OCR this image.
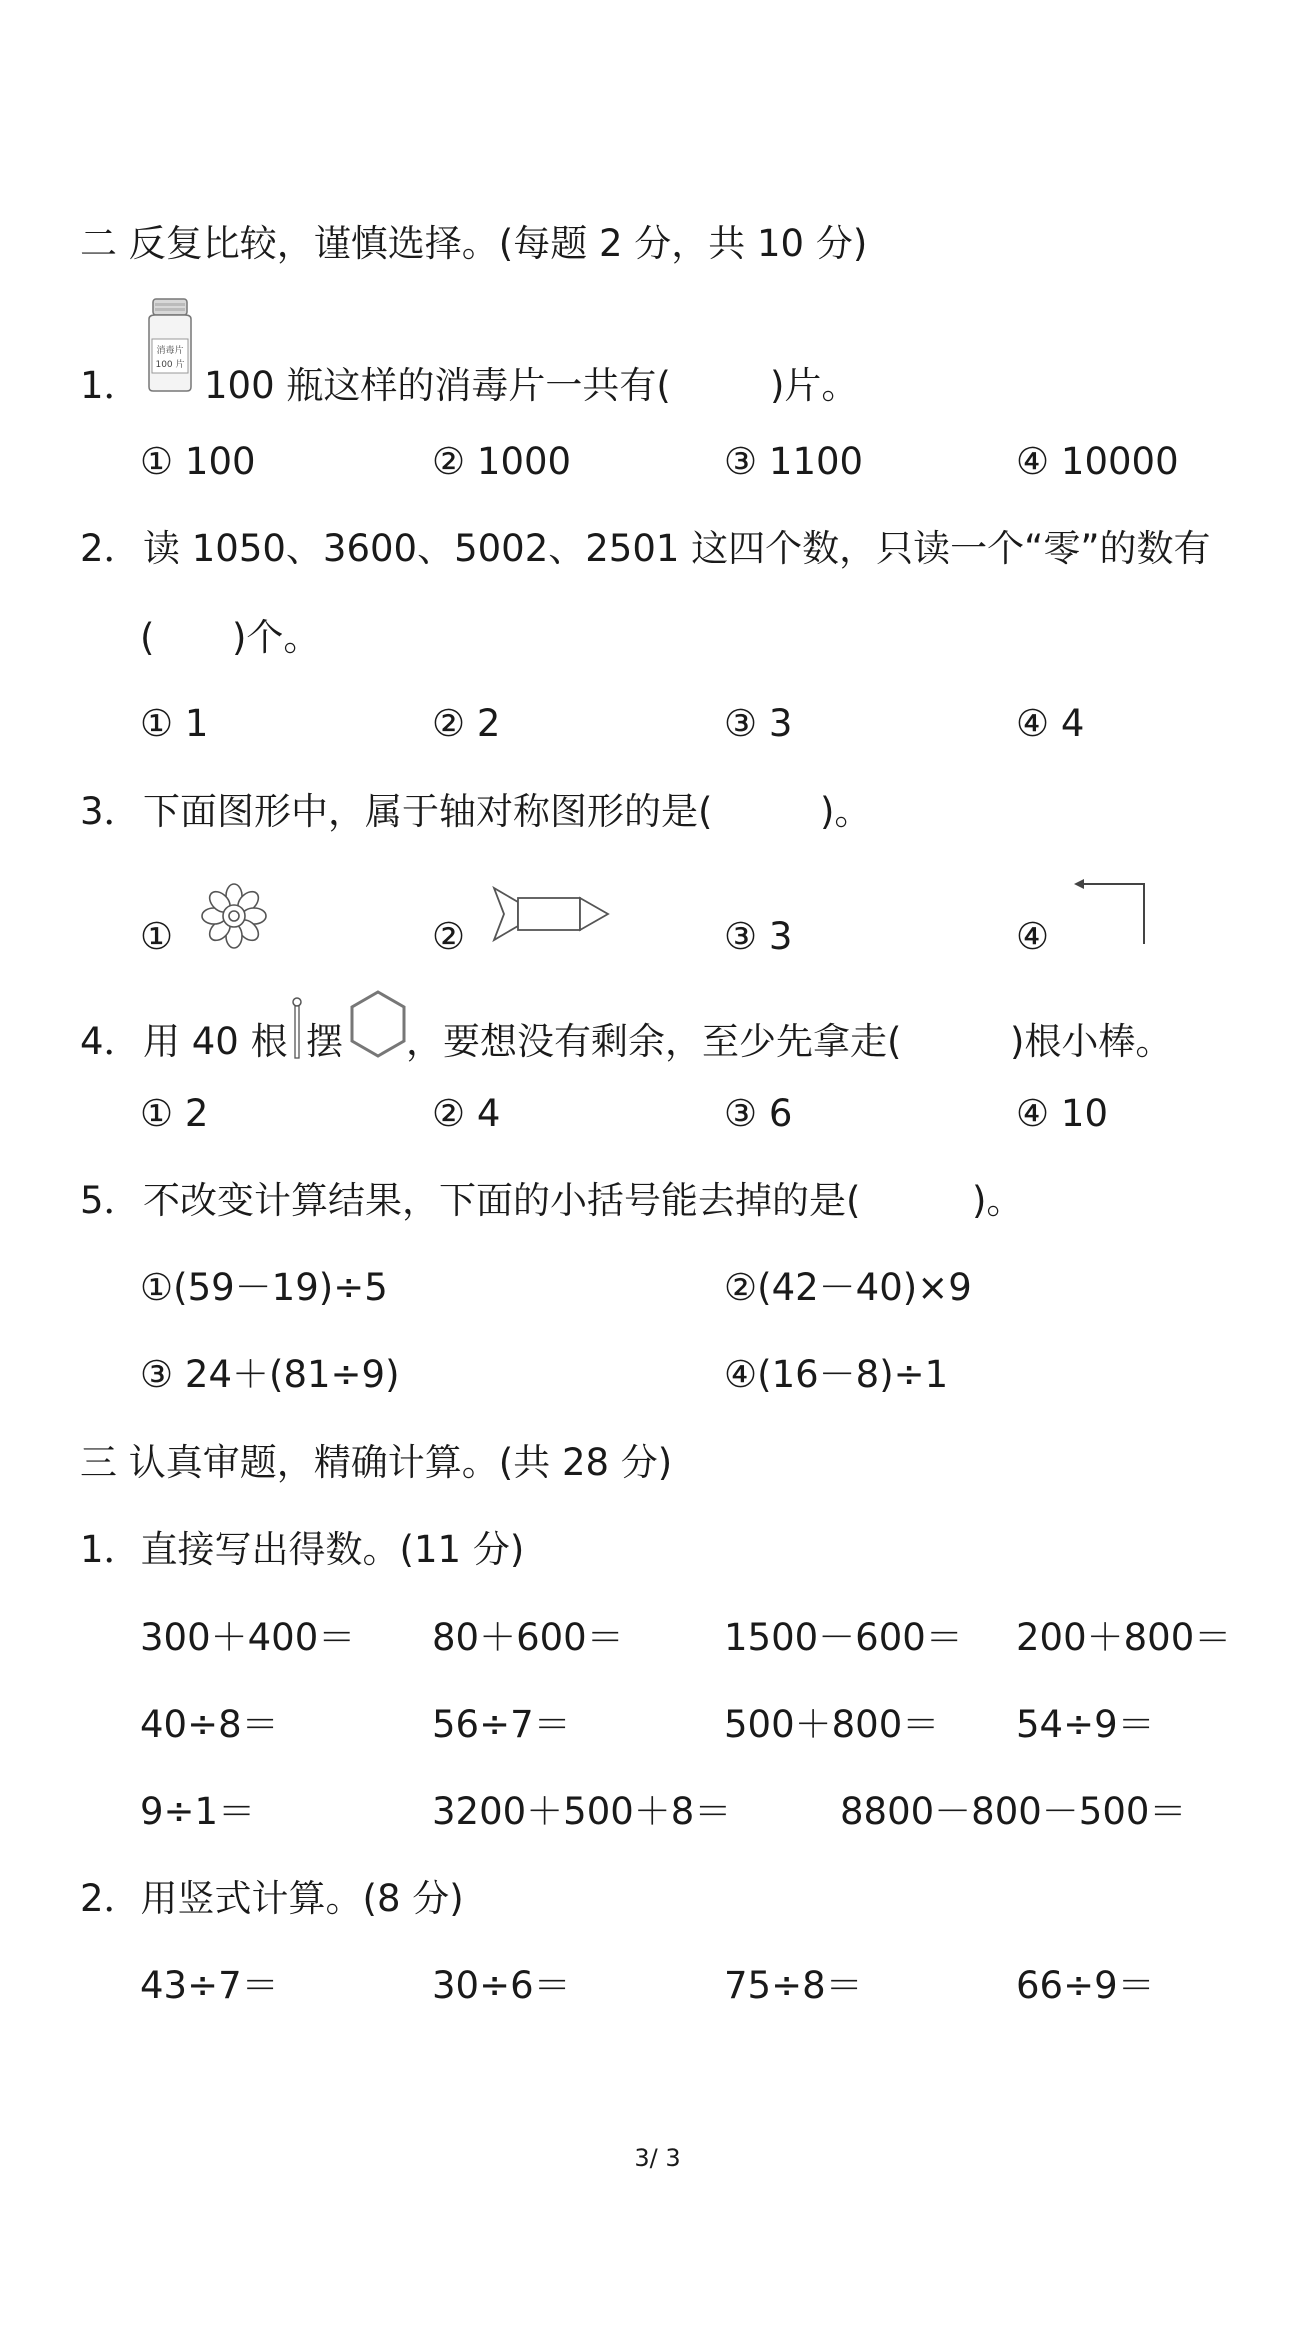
二 反复比较，谨慎选择。(每题 2 分，共 10 分)
1．
消毒片
100 片 100 瓶这样的消毒片一共有(	)片。
① 100	② 1000	③ 1100	④ 10000
2． 读 1050、3600、5002、2501 这四个数，只读一个“零”的数有
( )个。
① 1	② 2	③ 3	④ 4
3． 下面图形中，属于轴对称图形的是(	)。
①	②	③ 3	④
4． 用 40 根 摆 ，要想没有剩余，至少先拿走(	)根小棒。
① 2	② 4	③ 6	④ 10
5． 不改变计算结果，下面的小括号能去掉的是(	)。
①(59－19)÷5	②(42－40)×9
③ 24＋(81÷9)	④(16－8)÷1
三 认真审题，精确计算。(共 28 分)
1．直接写出得数。(11 分)
300＋400＝ 80＋600＝	1500－600＝ 200＋800＝
40÷8＝	56÷7＝	500＋800＝ 54÷9＝
9÷1＝	3200＋500＋8＝	8800－800－500＝
2．用竖式计算。(8 分)
43÷7＝	30÷6＝	75÷8＝	66÷9＝
3/ 3
